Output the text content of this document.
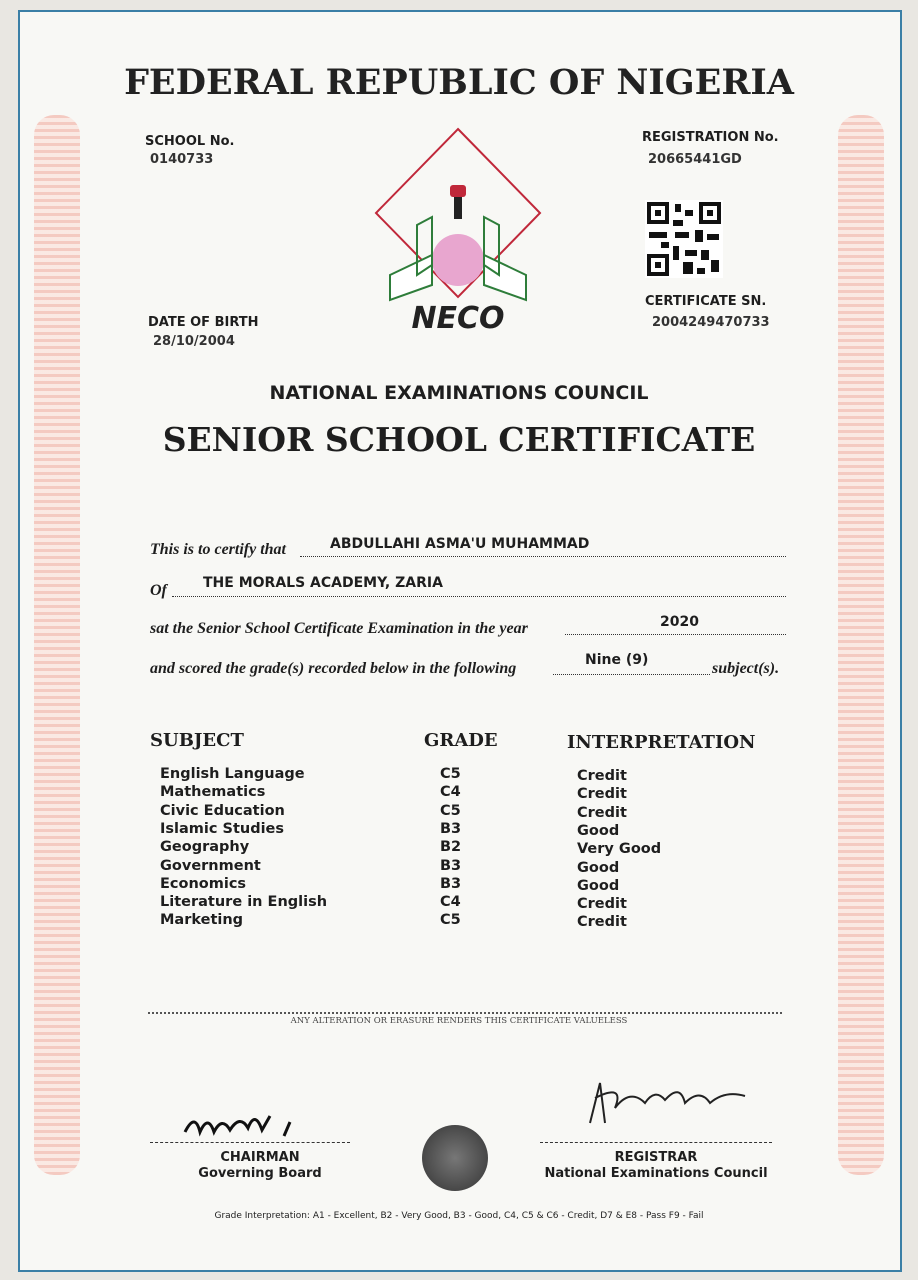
FEDERAL REPUBLIC OF NIGERIA
SCHOOL No.
0140733
REGISTRATION No.
20665441GD
CERTIFICATE SN.
2004249470733
DATE OF BIRTH
28/10/2004
NECO
NATIONAL EXAMINATIONS COUNCIL
SENIOR SCHOOL CERTIFICATE
This is to certify that	ABDULLAHI ASMA'U MUHAMMAD
Of	THE MORALS ACADEMY, ZARIA
sat the Senior School Certificate Examination in the year	2020
and scored the grade(s) recorded below in the following	Nine (9)	subject(s).
SUBJECT	GRADE	INTERPRETATION
English Language	C5	Credit
Mathematics	C4	Credit
Civic Education	C5	Credit
Islamic Studies	B3	Good
Geography	B2	Very Good
Government	B3	Good
Economics	B3	Good
Literature in English	C4	Credit
Marketing	C5	Credit
ANY ALTERATION OR ERASURE RENDERS THIS CERTIFICATE VALUELESS
CHAIRMAN
Governing Board
REGISTRAR
National Examinations Council
Grade Interpretation: A1 - Excellent, B2 - Very Good, B3 - Good, C4, C5 & C6 - Credit, D7 & E8 - Pass F9 - Fail
